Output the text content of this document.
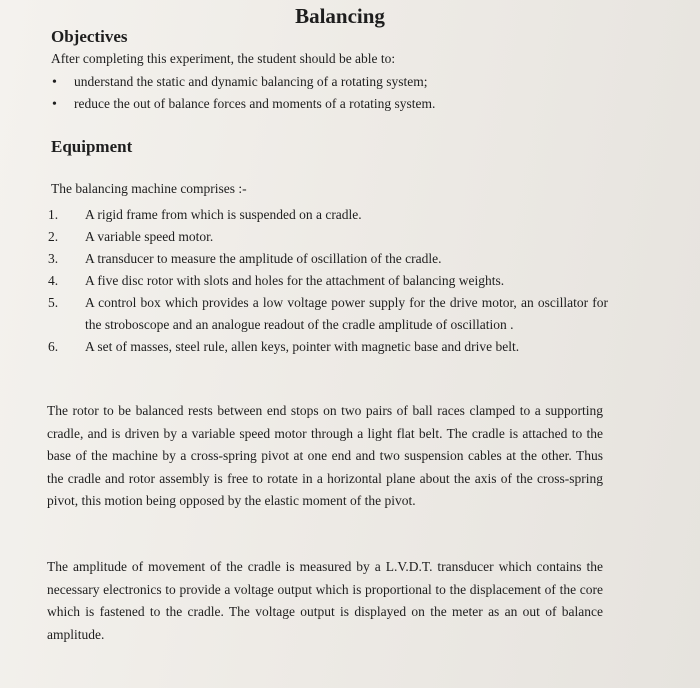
Balancing
Objectives
After completing this experiment, the student should be able to:
• understand the static and dynamic balancing of a rotating system;
• reduce the out of balance forces and moments of a rotating system.
Equipment
The balancing machine comprises :-
1.	A rigid frame from which is suspended on a cradle.
2.	A variable speed motor.
3.	A transducer to measure the amplitude of oscillation of the cradle.
4.	A five disc rotor with slots and holes for the attachment of balancing weights.
5.	A control box which provides a low voltage power supply for the drive motor, an oscillator for the stroboscope and an analogue readout of the cradle amplitude of oscillation .
6.	A set of masses, steel rule, allen keys, pointer with magnetic base and drive belt.

The rotor to be balanced rests between end stops on two pairs of ball races clamped to a supporting cradle, and is driven by a variable speed motor through a light flat belt. The cradle is attached to the base of the machine by a cross-spring pivot at one end and two suspension cables at the other. Thus the cradle and rotor assembly is free to rotate in a horizontal plane about the axis of the cross-spring pivot, this motion being opposed by the elastic moment of the pivot.

The amplitude of movement of the cradle is measured by a L.V.D.T. transducer which contains the necessary electronics to provide a voltage output which is proportional to the displacement of the core which is fastened to the cradle. The voltage output is displayed on the meter as an out of balance amplitude.
